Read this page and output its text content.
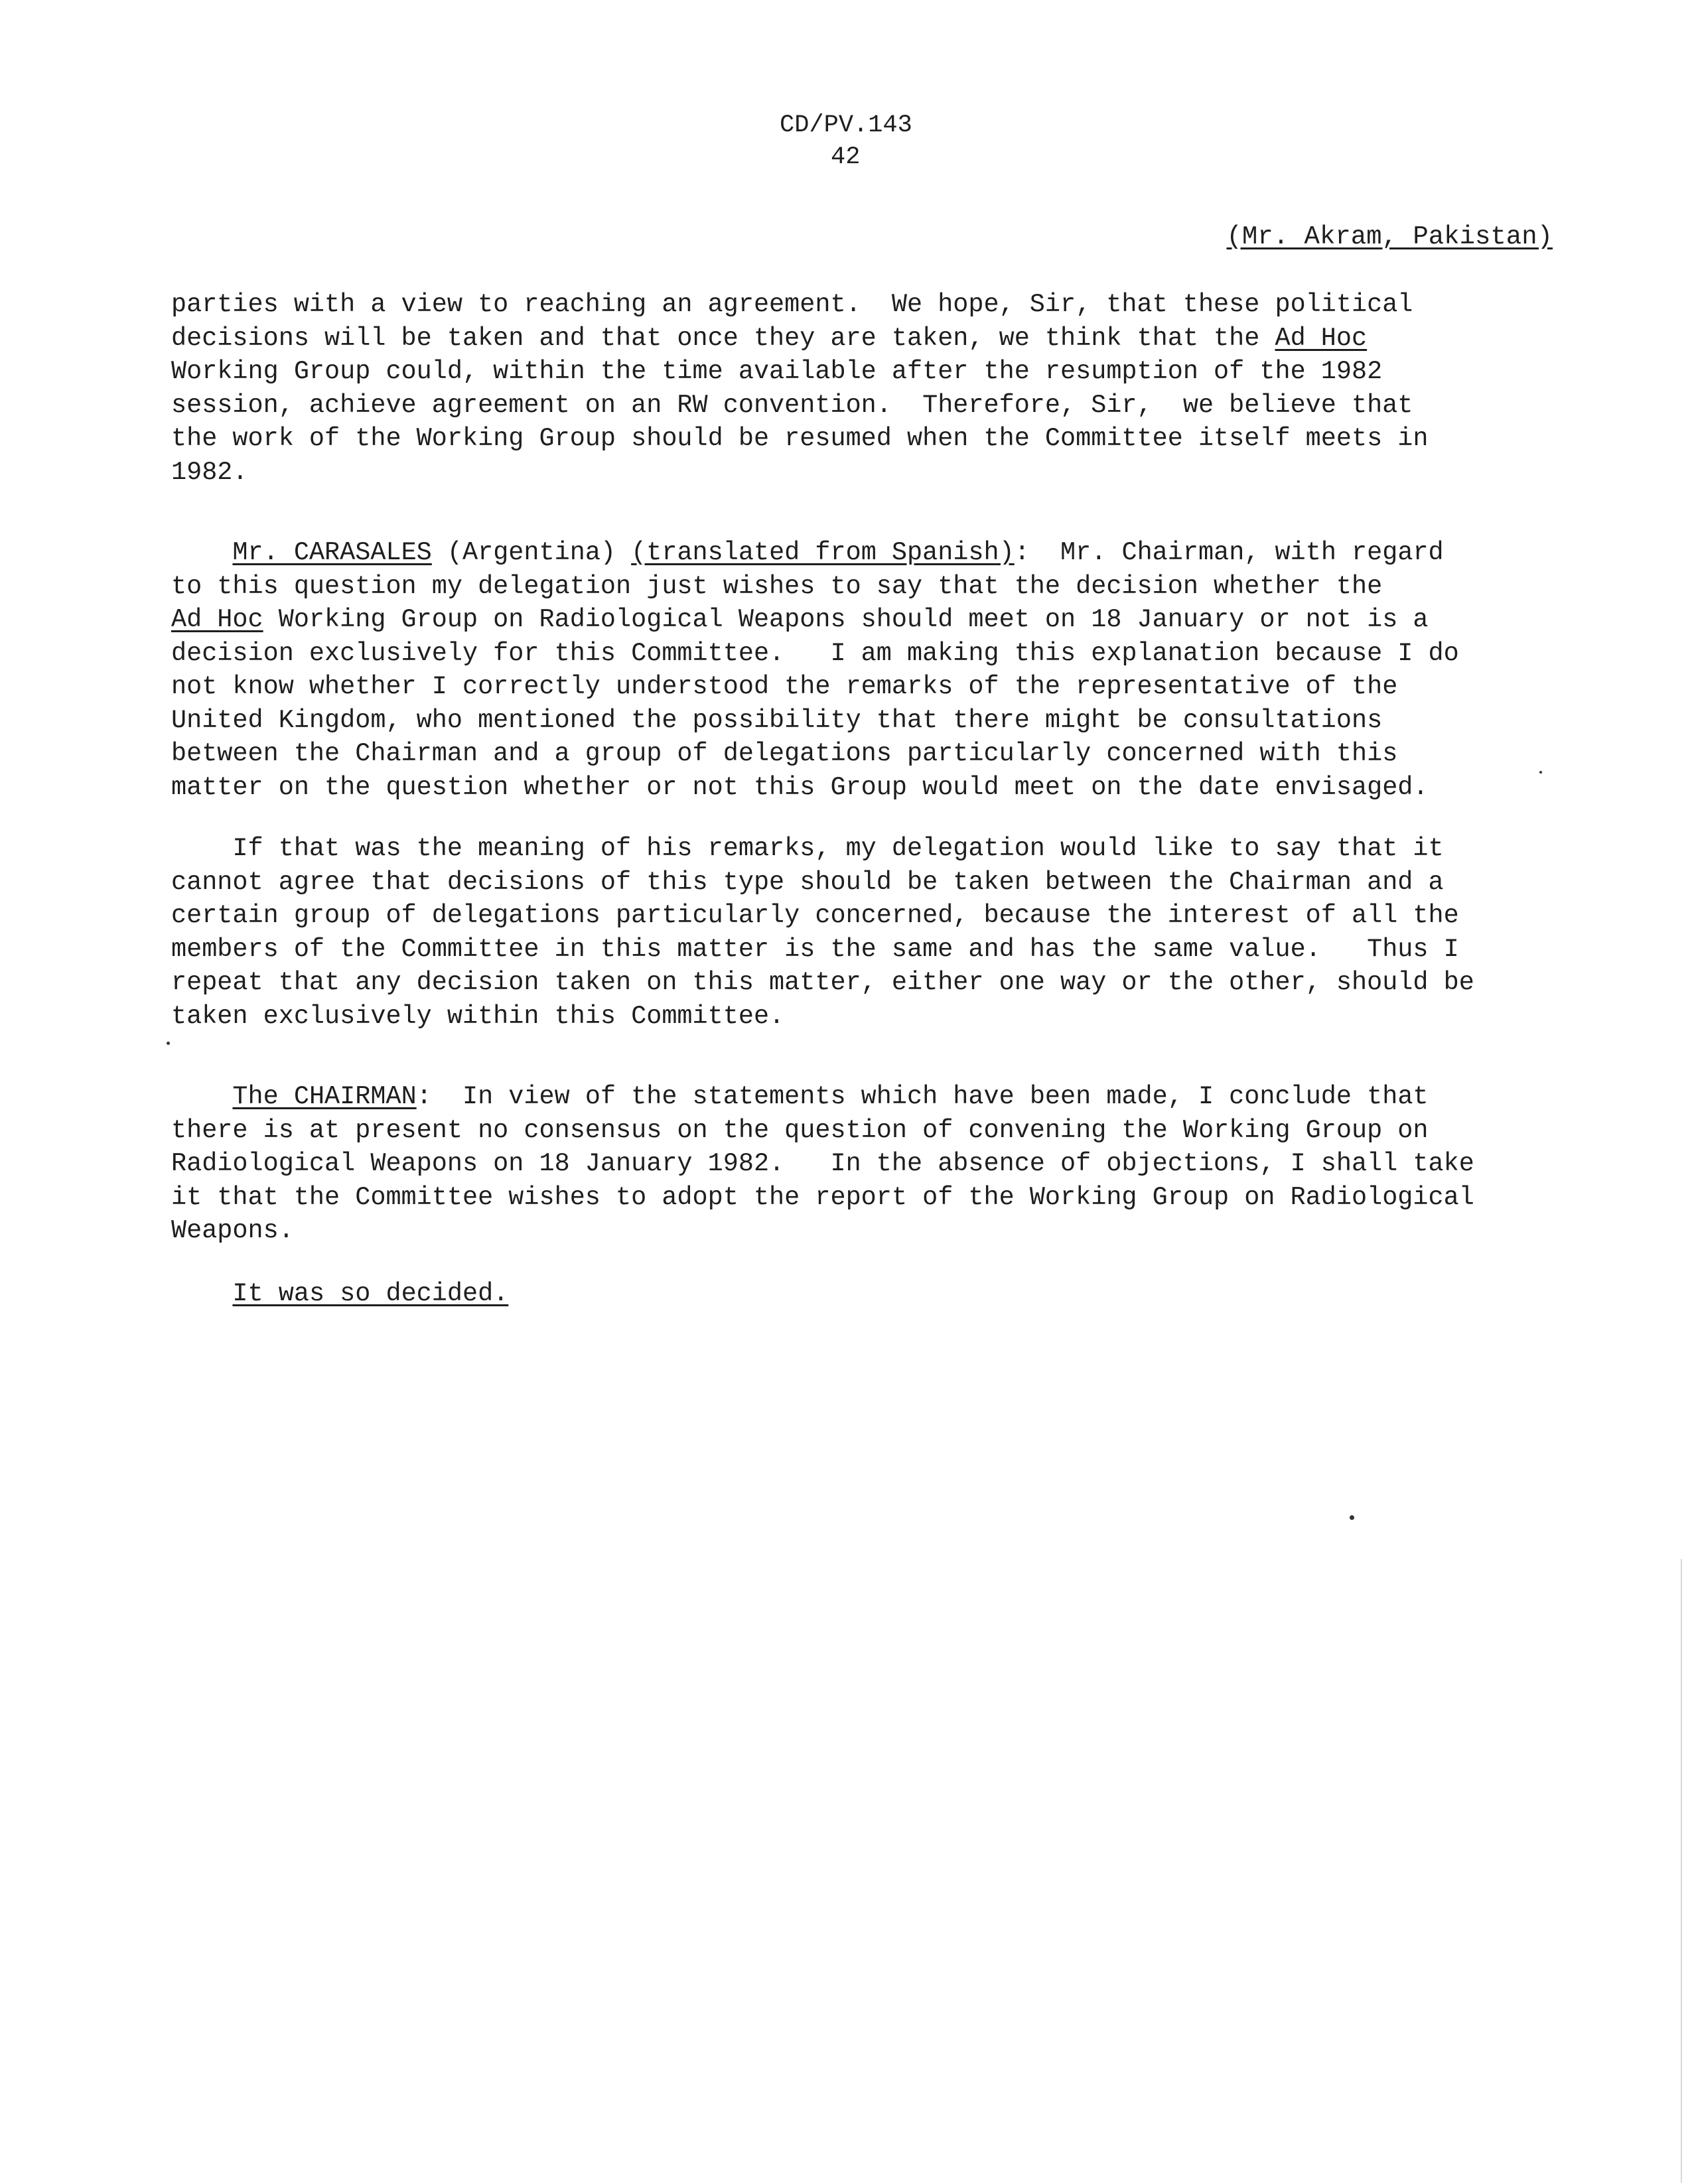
CD/PV.143
42
(Mr. Akram, Pakistan)
parties with a view to reaching an agreement.  We hope, Sir, that these political
decisions will be taken and that once they are taken, we think that the Ad Hoc
Working Group could, within the time available after the resumption of the 1982
session, achieve agreement on an RW convention.  Therefore, Sir,  we believe that
the work of the Working Group should be resumed when the Committee itself meets in
1982.
Mr. CARASALES (Argentina) (translated from Spanish):  Mr. Chairman, with regard
to this question my delegation just wishes to say that the decision whether the
Ad Hoc Working Group on Radiological Weapons should meet on 18 January or not is a
decision exclusively for this Committee.   I am making this explanation because I do
not know whether I correctly understood the remarks of the representative of the
United Kingdom, who mentioned the possibility that there might be consultations
between the Chairman and a group of delegations particularly concerned with this
matter on the question whether or not this Group would meet on the date envisaged.
If that was the meaning of his remarks, my delegation would like to say that it
cannot agree that decisions of this type should be taken between the Chairman and a
certain group of delegations particularly concerned, because the interest of all the
members of the Committee in this matter is the same and has the same value.   Thus I
repeat that any decision taken on this matter, either one way or the other, should be
taken exclusively within this Committee.
The CHAIRMAN:  In view of the statements which have been made, I conclude that
there is at present no consensus on the question of convening the Working Group on
Radiological Weapons on 18 January 1982.   In the absence of objections, I shall take
it that the Committee wishes to adopt the report of the Working Group on Radiological
Weapons.
It was so decided.
